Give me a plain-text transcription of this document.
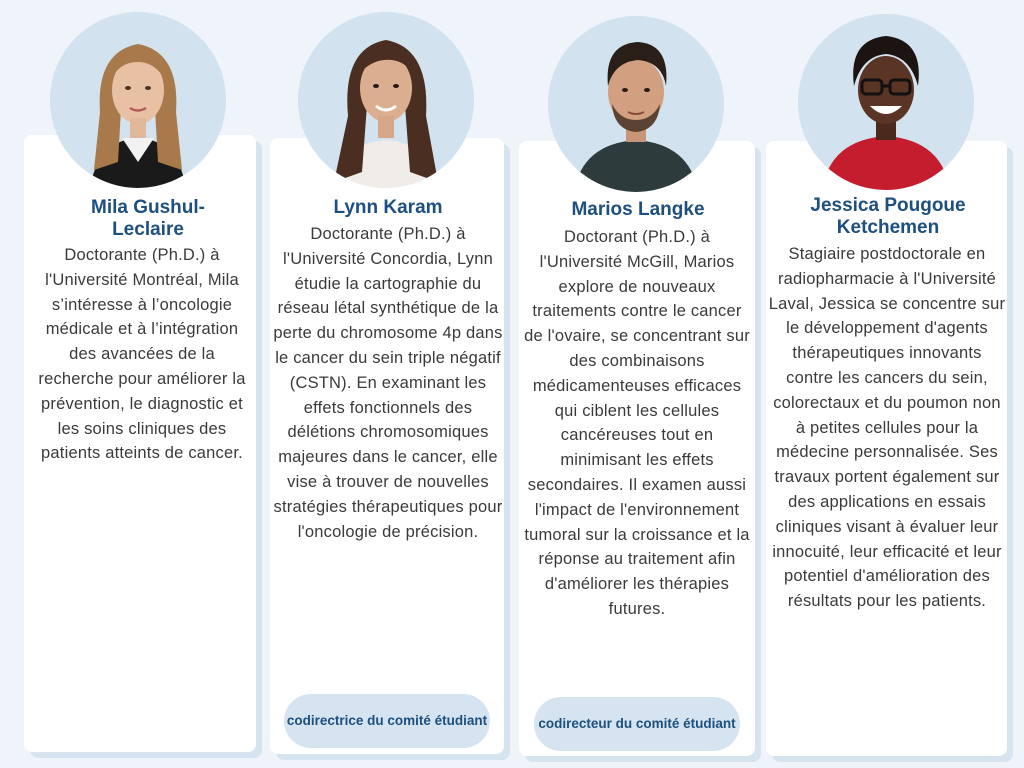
Mila Gushul-Leclaire
Doctorante (Ph.D.) à l'Université Montréal, Mila s’intéresse à l’oncologie médicale et à l’intégration des avancées de la recherche pour améliorer la prévention, le diagnostic et les soins cliniques des patients atteints de cancer.
Lynn Karam
Doctorante (Ph.D.) à l'Université Concordia, Lynn étudie la cartographie du réseau létal synthétique de la perte du chromosome 4p dans le cancer du sein triple négatif (CSTN). En examinant les effets fonctionnels des délétions chromosomiques majeures dans le cancer, elle vise à trouver de nouvelles stratégies thérapeutiques pour l'oncologie de précision.
codirectrice du comité étudiant
Marios Langke
Doctorant (Ph.D.) à l'Université McGill, Marios explore de nouveaux traitements contre le cancer de l'ovaire, se concentrant sur des combinaisons médicamenteuses efficaces qui ciblent les cellules cancéreuses tout en minimisant les effets secondaires. Il examen aussi l'impact de l'environnement tumoral sur la croissance et la réponse au traitement afin d'améliorer les thérapies futures.
codirecteur du comité étudiant
Jessica Pougoue Ketchemen
Stagiaire postdoctorale en radiopharmacie à l'Université Laval, Jessica se concentre sur le développement d'agents thérapeutiques innovants contre les cancers du sein, colorectaux et du poumon non à petites cellules pour la médecine personnalisée. Ses travaux portent également sur des applications en essais cliniques visant à évaluer leur innocuité, leur efficacité et leur potentiel d'amélioration des résultats pour les patients.
